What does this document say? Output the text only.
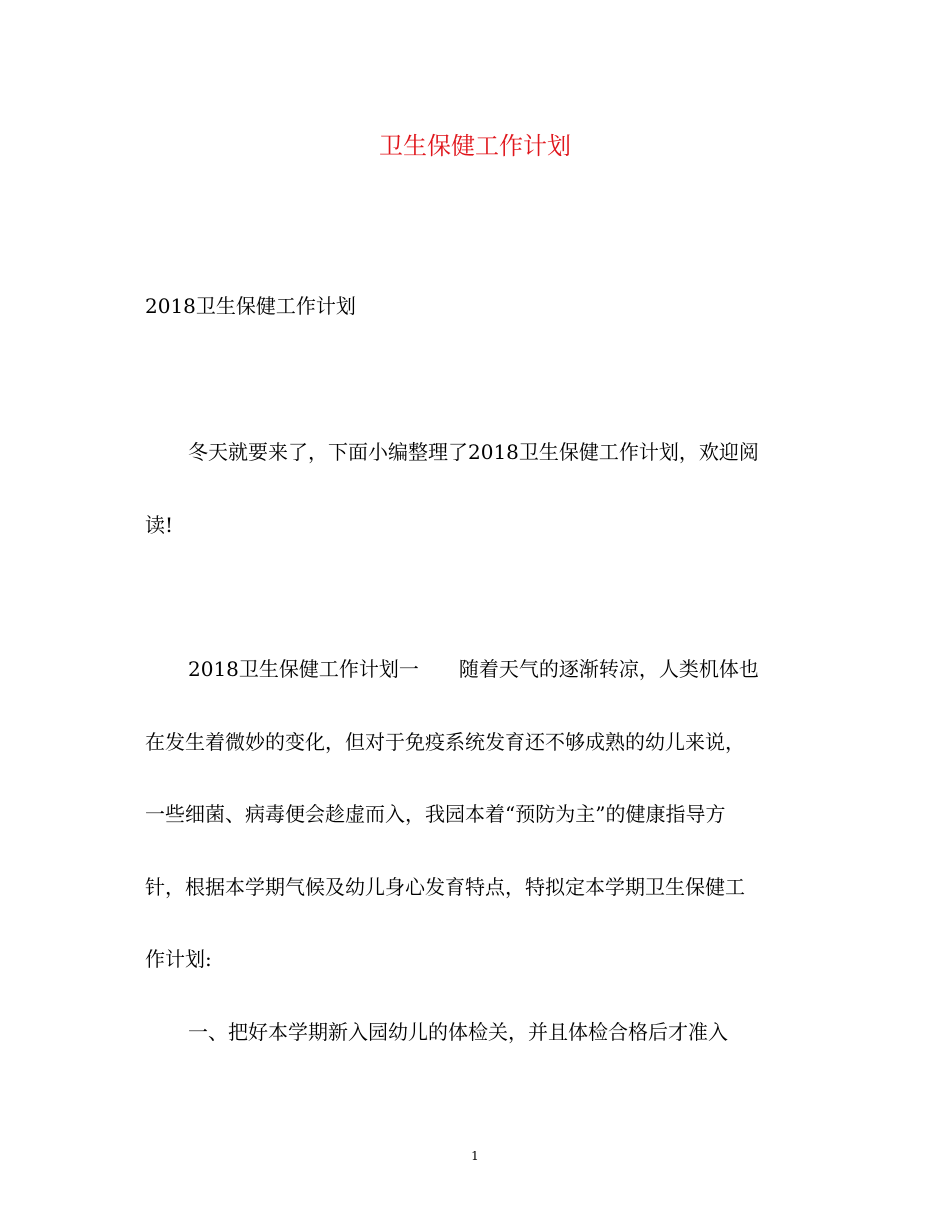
卫生保健工作计划
2018卫生保健工作计划
冬天就要来了，下面小编整理了2018卫生保健工作计划，欢迎阅
读!
2018卫生保健工作计划一　　随着天气的逐渐转凉，人类机体也
在发生着微妙的变化，但对于免疫系统发育还不够成熟的幼儿来说，
一些细菌、病毒便会趁虚而入，我园本着“预防为主”的健康指导方
针，根据本学期气候及幼儿身心发育特点，特拟定本学期卫生保健工
作计划:
一、把好本学期新入园幼儿的体检关，并且体检合格后才准入
1
